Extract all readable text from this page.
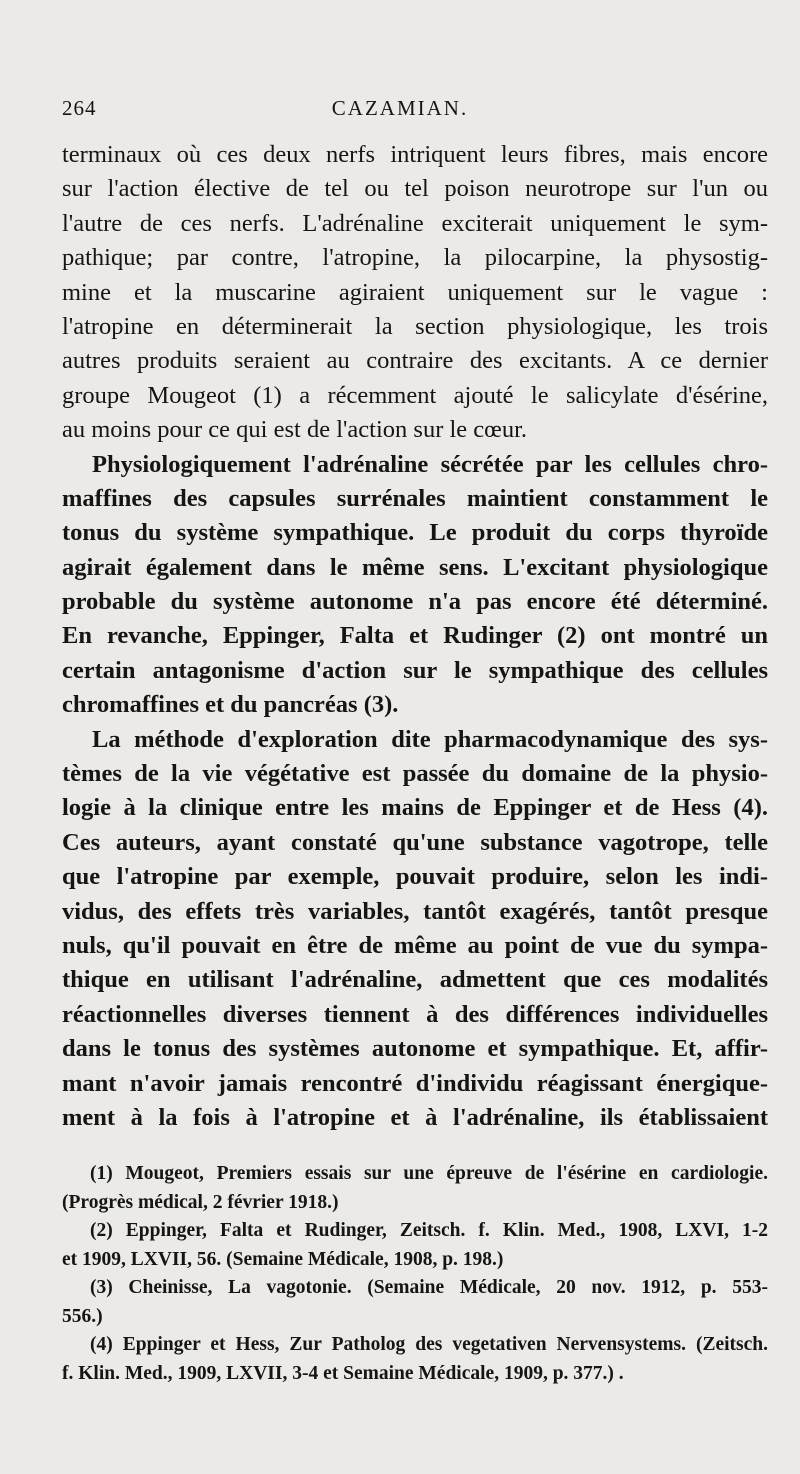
264	CAZAMIAN.
terminaux où ces deux nerfs intriquent leurs fibres, mais encore
sur l'action élective de tel ou tel poison neurotrope sur l'un ou
l'autre de ces nerfs. L'adrénaline exciterait uniquement le sym-
pathique; par contre, l'atropine, la pilocarpine, la physostig-
mine et la muscarine agiraient uniquement sur le vague :
l'atropine en déterminerait la section physiologique, les trois
autres produits seraient au contraire des excitants. A ce dernier
groupe Mougeot (1) a récemment ajouté le salicylate d'ésérine,
au moins pour ce qui est de l'action sur le cœur.
Physiologiquement l'adrénaline sécrétée par les cellules chro-
maffines des capsules surrénales maintient constamment le
tonus du système sympathique. Le produit du corps thyroïde
agirait également dans le même sens. L'excitant physiologique
probable du système autonome n'a pas encore été déterminé.
En revanche, Eppinger, Falta et Rudinger (2) ont montré un
certain antagonisme d'action sur le sympathique des cellules
chromaffines et du pancréas (3).
La méthode d'exploration dite pharmacodynamique des sys-
tèmes de la vie végétative est passée du domaine de la physio-
logie à la clinique entre les mains de Eppinger et de Hess (4).
Ces auteurs, ayant constaté qu'une substance vagotrope, telle
que l'atropine par exemple, pouvait produire, selon les indi-
vidus, des effets très variables, tantôt exagérés, tantôt presque
nuls, qu'il pouvait en être de même au point de vue du sympa-
thique en utilisant l'adrénaline, admettent que ces modalités
réactionnelles diverses tiennent à des différences individuelles
dans le tonus des systèmes autonome et sympathique. Et, affir-
mant n'avoir jamais rencontré d'individu réagissant énergique-
ment à la fois à l'atropine et à l'adrénaline, ils établissaient
(1) Mougeot, Premiers essais sur une épreuve de l'ésérine en cardiologie.
(Progrès médical, 2 février 1918.)
(2) Eppinger, Falta et Rudinger, Zeitsch. f. Klin. Med., 1908, LXVI, 1-2
et 1909, LXVII, 56. (Semaine Médicale, 1908, p. 198.)
(3) Cheinisse, La vagotonie. (Semaine Médicale, 20 nov. 1912, p. 553-
556.)
(4) Eppinger et Hess, Zur Patholog des vegetativen Nervensystems. (Zeitsch.
f. Klin. Med., 1909, LXVII, 3-4 et Semaine Médicale, 1909, p. 377.) .
